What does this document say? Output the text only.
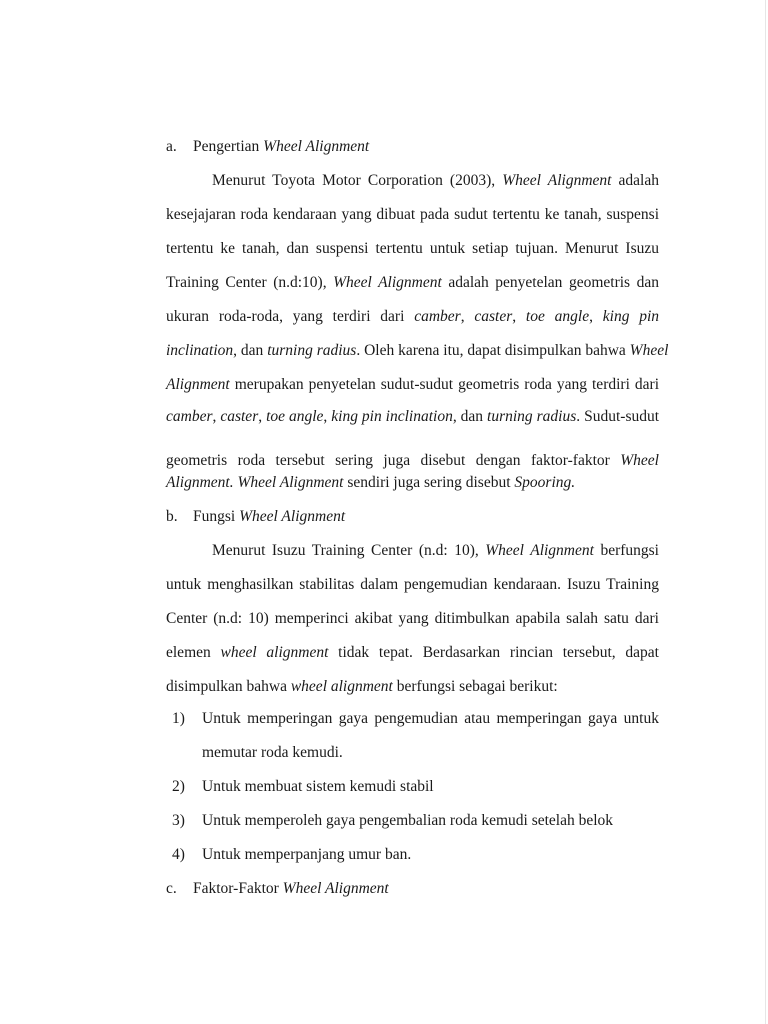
a. Pengertian Wheel Alignment
Menurut Toyota Motor Corporation (2003), Wheel Alignment adalah
kesejajaran roda kendaraan yang dibuat pada sudut tertentu ke tanah, suspensi
tertentu ke tanah, dan suspensi tertentu untuk setiap tujuan. Menurut Isuzu
Training Center (n.d:10), Wheel Alignment adalah penyetelan geometris dan
ukuran roda-roda, yang terdiri dari camber, caster, toe angle, king pin
inclination, dan turning radius. Oleh karena itu, dapat disimpulkan bahwa Wheel
Alignment merupakan penyetelan sudut-sudut geometris roda yang terdiri dari
camber, caster, toe angle, king pin inclination, dan turning radius. Sudut-sudut
geometris roda tersebut sering juga disebut dengan faktor-faktor Wheel
Alignment. Wheel Alignment sendiri juga sering disebut Spooring.
b. Fungsi Wheel Alignment
Menurut Isuzu Training Center (n.d: 10), Wheel Alignment berfungsi
untuk menghasilkan stabilitas dalam pengemudian kendaraan. Isuzu Training
Center (n.d: 10) memperinci akibat yang ditimbulkan apabila salah satu dari
elemen wheel alignment tidak tepat. Berdasarkan rincian tersebut, dapat
disimpulkan bahwa wheel alignment berfungsi sebagai berikut:
1) Untuk memperingan gaya pengemudian atau memperingan gaya untuk
memutar roda kemudi.
2) Untuk membuat sistem kemudi stabil
3) Untuk memperoleh gaya pengembalian roda kemudi setelah belok
4) Untuk memperpanjang umur ban.
c. Faktor-Faktor Wheel Alignment
